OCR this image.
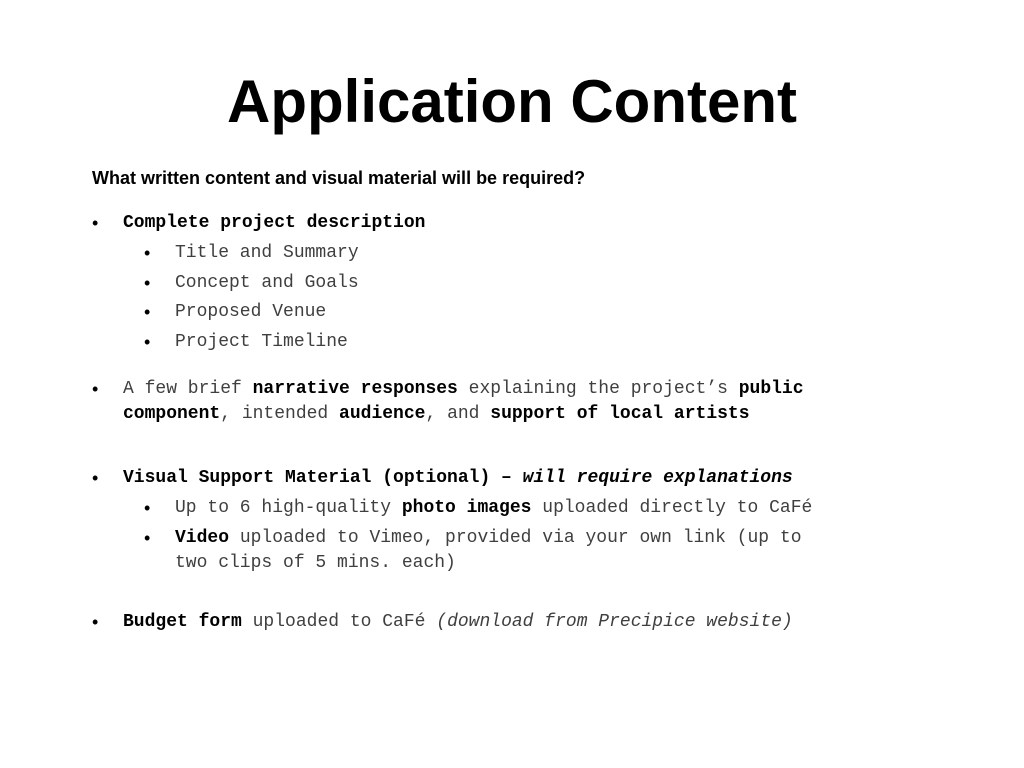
Application Content
What written content and visual material will be required?
• Complete project description
• Title and Summary
• Concept and Goals
• Proposed Venue
• Project Timeline
• A few brief narrative responses explaining the project’s public
component, intended audience, and support of local artists
• Visual Support Material (optional) – will require explanations
• Up to 6 high-quality photo images uploaded directly to CaFé
• Video uploaded to Vimeo, provided via your own link (up to
two clips of 5 mins. each)
• Budget form uploaded to CaFé (download from Precipice website)
